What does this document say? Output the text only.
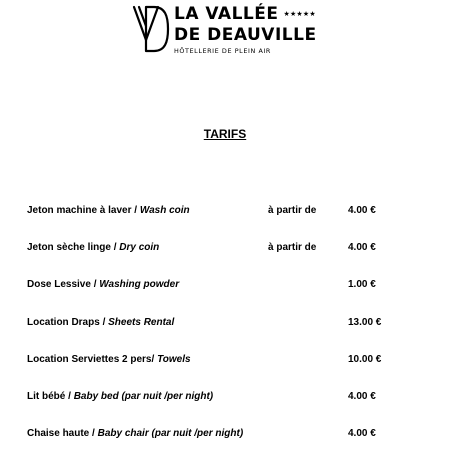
LA VALLÉE ★★★★★
DE DEAUVILLE
HÔTELLERIE DE PLEIN AIR
TARIFS
Jeton machine à laver / Wash coin	à partir de	4.00 €
Jeton sèche linge / Dry coin	à partir de	4.00 €
Dose Lessive / Washing powder	1.00 €
Location Draps / Sheets Rental	13.00 €
Location Serviettes 2 pers/ Towels	10.00 €
Lit bébé / Baby bed (par nuit /per night)	4.00 €
Chaise haute / Baby chair (par nuit /per night)	4.00 €
